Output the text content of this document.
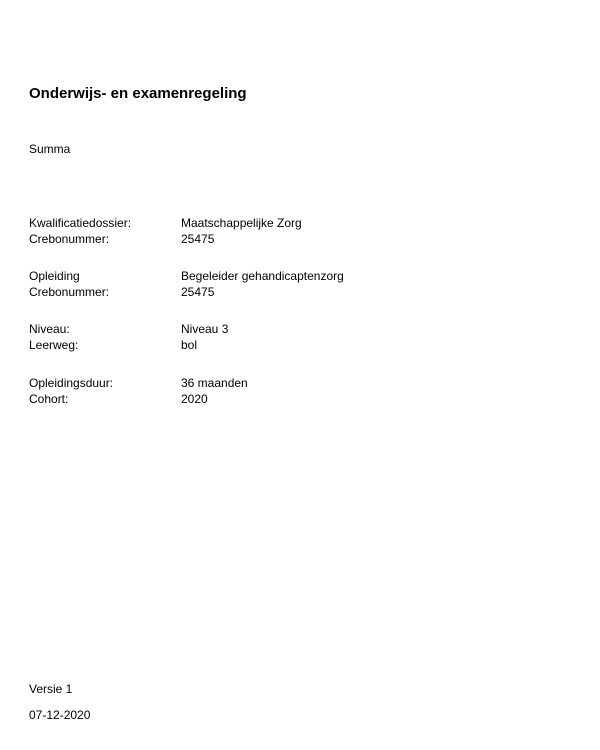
Onderwijs- en examenregeling
Summa
Kwalificatiedossier:	Maatschappelijke Zorg
Crebonummer:	25475
Opleiding	Begeleider gehandicaptenzorg
Crebonummer:	25475
Niveau:	Niveau 3
Leerweg:	bol
Opleidingsduur:	36 maanden
Cohort:	2020
Versie 1
07-12-2020
